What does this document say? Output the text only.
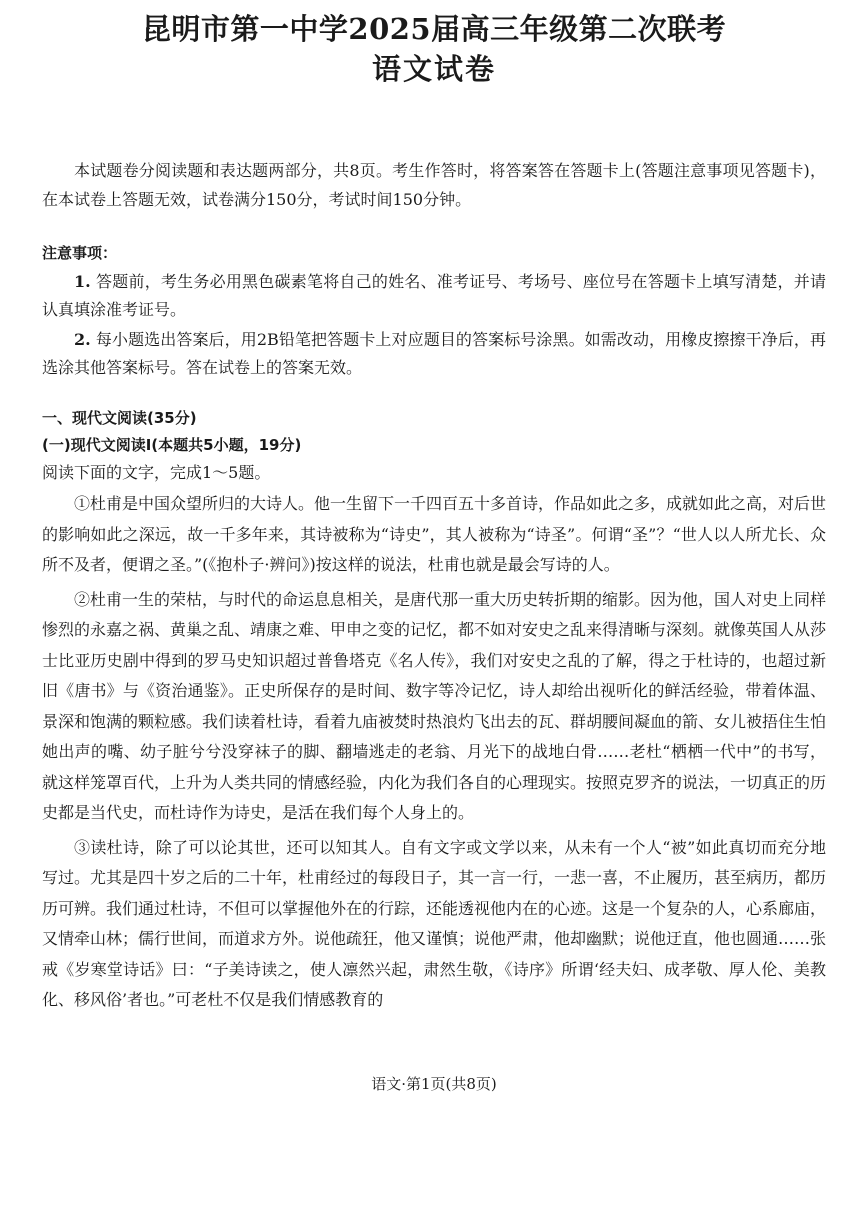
昆明市第一中学2025届高三年级第二次联考
语文试卷

本试题卷分阅读题和表达题两部分，共8页。考生作答时，将答案答在答题卡上(答题注意事项见答题卡)，在本试卷上答题无效，试卷满分150分，考试时间150分钟。

注意事项：

1. 答题前，考生务必用黑色碳素笔将自己的姓名、准考证号、考场号、座位号在答题卡上填写清楚，并请认真填涂准考证号。

2. 每小题选出答案后，用2B铅笔把答题卡上对应题目的答案标号涂黑。如需改动，用橡皮擦擦干净后，再选涂其他答案标号。答在试卷上的答案无效。

一、现代文阅读(35分)
(一)现代文阅读Ⅰ(本题共5小题，19分)
阅读下面的文字，完成1～5题。

①杜甫是中国众望所归的大诗人。他一生留下一千四百五十多首诗，作品如此之多，成就如此之高，对后世的影响如此之深远，故一千多年来，其诗被称为“诗史”，其人被称为“诗圣”。何谓“圣”？“世人以人所尤长、众所不及者，便谓之圣。”(《抱朴子·辨问》)按这样的说法，杜甫也就是最会写诗的人。

②杜甫一生的荣枯，与时代的命运息息相关，是唐代那一重大历史转折期的缩影。因为他，国人对史上同样惨烈的永嘉之祸、黄巢之乱、靖康之难、甲申之变的记忆，都不如对安史之乱来得清晰与深刻。就像英国人从莎士比亚历史剧中得到的罗马史知识超过普鲁塔克《名人传》，我们对安史之乱的了解，得之于杜诗的，也超过新旧《唐书》与《资治通鉴》。正史所保存的是时间、数字等冷记忆，诗人却给出视听化的鲜活经验，带着体温、景深和饱满的颗粒感。我们读着杜诗，看着九庙被焚时热浪灼飞出去的瓦、群胡腰间凝血的箭、女儿被捂住生怕她出声的嘴、幼子脏兮兮没穿袜子的脚、翻墙逃走的老翁、月光下的战地白骨……老杜“栖栖一代中”的书写，就这样笼罩百代，上升为人类共同的情感经验，内化为我们各自的心理现实。按照克罗齐的说法，一切真正的历史都是当代史，而杜诗作为诗史，是活在我们每个人身上的。

③读杜诗，除了可以论其世，还可以知其人。自有文字或文学以来，从未有一个人“被”如此真切而充分地写过。尤其是四十岁之后的二十年，杜甫经过的每段日子，其一言一行，一悲一喜，不止履历，甚至病历，都历历可辨。我们通过杜诗，不但可以掌握他外在的行踪，还能透视他内在的心迹。这是一个复杂的人，心系廊庙，又情牵山林；儒行世间，而道求方外。说他疏狂，他又谨慎；说他严肃，他却幽默；说他迂直，他也圆通……张戒《岁寒堂诗话》曰：“子美诗读之，使人凛然兴起，肃然生敬，《诗序》所谓‘经夫妇、成孝敬、厚人伦、美教化、移风俗’者也。”可老杜不仅是我们情感教育的

语文·第1页(共8页)
